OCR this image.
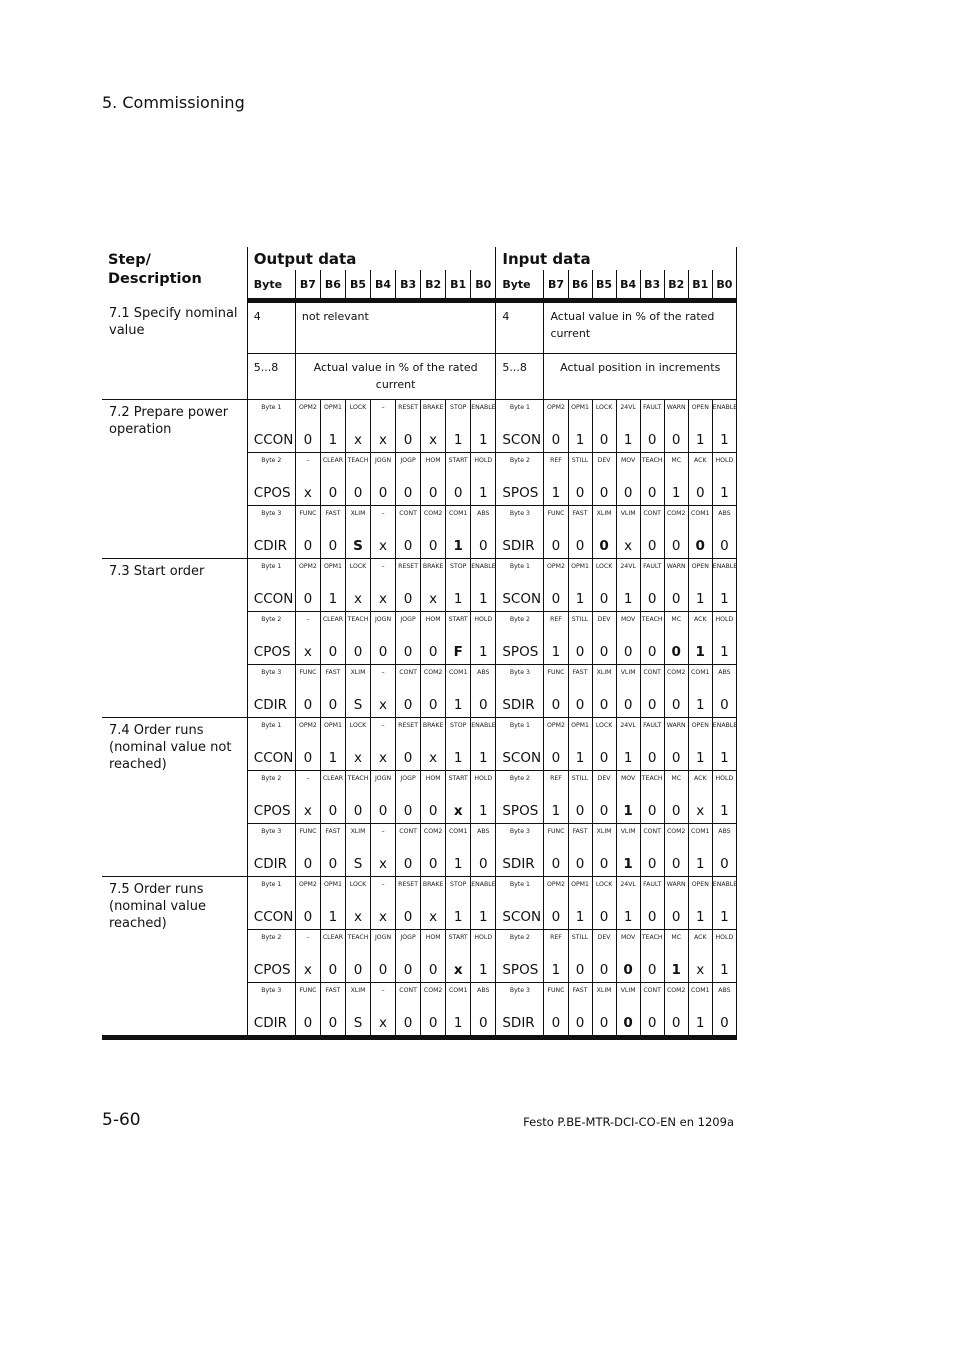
5. Commissioning
Step/
Description	Output data									Input data								
	Byte	B7	B6	B5	B4	B3	B2	B1	B0	Byte	B7	B6	B5	B4	B3	B2	B1	B0
7.1 Specify nominal value	4	not relevant								4	Actual value in % of the rated current							
	5...8	Actual value in % of the rated current								5...8	Actual position in increments							
7.2 Prepare power operation	Byte 1	OPM2	OPM1	LOCK	–	RESET	BRAKE	STOP	ENABLE	Byte 1	OPM2	OPM1	LOCK	24VL	FAULT	WARN	OPEN	ENABLE
	CCON	0	1	x	x	0	x	1	1	SCON	0	1	0	1	0	0	1	1
	Byte 2	–	CLEAR	TEACH	JOGN	JOGP	HOM	START	HOLD	Byte 2	REF	STILL	DEV	MOV	TEACH	MC	ACK	HOLD
	CPOS	x	0	0	0	0	0	0	1	SPOS	1	0	0	0	0	1	0	1
	Byte 3	FUNC	FAST	XLIM	–	CONT	COM2	COM1	ABS	Byte 3	FUNC	FAST	XLIM	VLIM	CONT	COM2	COM1	ABS
	CDIR	0	0	S	x	0	0	1	0	SDIR	0	0	0	x	0	0	0	0
7.3 Start order	Byte 1	OPM2	OPM1	LOCK	–	RESET	BRAKE	STOP	ENABLE	Byte 1	OPM2	OPM1	LOCK	24VL	FAULT	WARN	OPEN	ENABLE
	CCON	0	1	x	x	0	x	1	1	SCON	0	1	0	1	0	0	1	1
	Byte 2	–	CLEAR	TEACH	JOGN	JOGP	HOM	START	HOLD	Byte 2	REF	STILL	DEV	MOV	TEACH	MC	ACK	HOLD
	CPOS	x	0	0	0	0	0	F	1	SPOS	1	0	0	0	0	0	1	1
	Byte 3	FUNC	FAST	XLIM	–	CONT	COM2	COM1	ABS	Byte 3	FUNC	FAST	XLIM	VLIM	CONT	COM2	COM1	ABS
	CDIR	0	0	S	x	0	0	1	0	SDIR	0	0	0	0	0	0	1	0
7.4 Order runs (nominal value not reached)	Byte 1	OPM2	OPM1	LOCK	–	RESET	BRAKE	STOP	ENABLE	Byte 1	OPM2	OPM1	LOCK	24VL	FAULT	WARN	OPEN	ENABLE
	CCON	0	1	x	x	0	x	1	1	SCON	0	1	0	1	0	0	1	1
	Byte 2	–	CLEAR	TEACH	JOGN	JOGP	HOM	START	HOLD	Byte 2	REF	STILL	DEV	MOV	TEACH	MC	ACK	HOLD
	CPOS	x	0	0	0	0	0	x	1	SPOS	1	0	0	1	0	0	x	1
	Byte 3	FUNC	FAST	XLIM	–	CONT	COM2	COM1	ABS	Byte 3	FUNC	FAST	XLIM	VLIM	CONT	COM2	COM1	ABS
	CDIR	0	0	S	x	0	0	1	0	SDIR	0	0	0	1	0	0	1	0
7.5 Order runs (nominal value reached)	Byte 1	OPM2	OPM1	LOCK	–	RESET	BRAKE	STOP	ENABLE	Byte 1	OPM2	OPM1	LOCK	24VL	FAULT	WARN	OPEN	ENABLE
	CCON	0	1	x	x	0	x	1	1	SCON	0	1	0	1	0	0	1	1
	Byte 2	–	CLEAR	TEACH	JOGN	JOGP	HOM	START	HOLD	Byte 2	REF	STILL	DEV	MOV	TEACH	MC	ACK	HOLD
	CPOS	x	0	0	0	0	0	x	1	SPOS	1	0	0	0	0	1	x	1
	Byte 3	FUNC	FAST	XLIM	–	CONT	COM2	COM1	ABS	Byte 3	FUNC	FAST	XLIM	VLIM	CONT	COM2	COM1	ABS
	CDIR	0	0	S	x	0	0	1	0	SDIR	0	0	0	0	0	0	1	0
5-60	Festo P.BE-MTR-DCI-CO-EN en 1209a
